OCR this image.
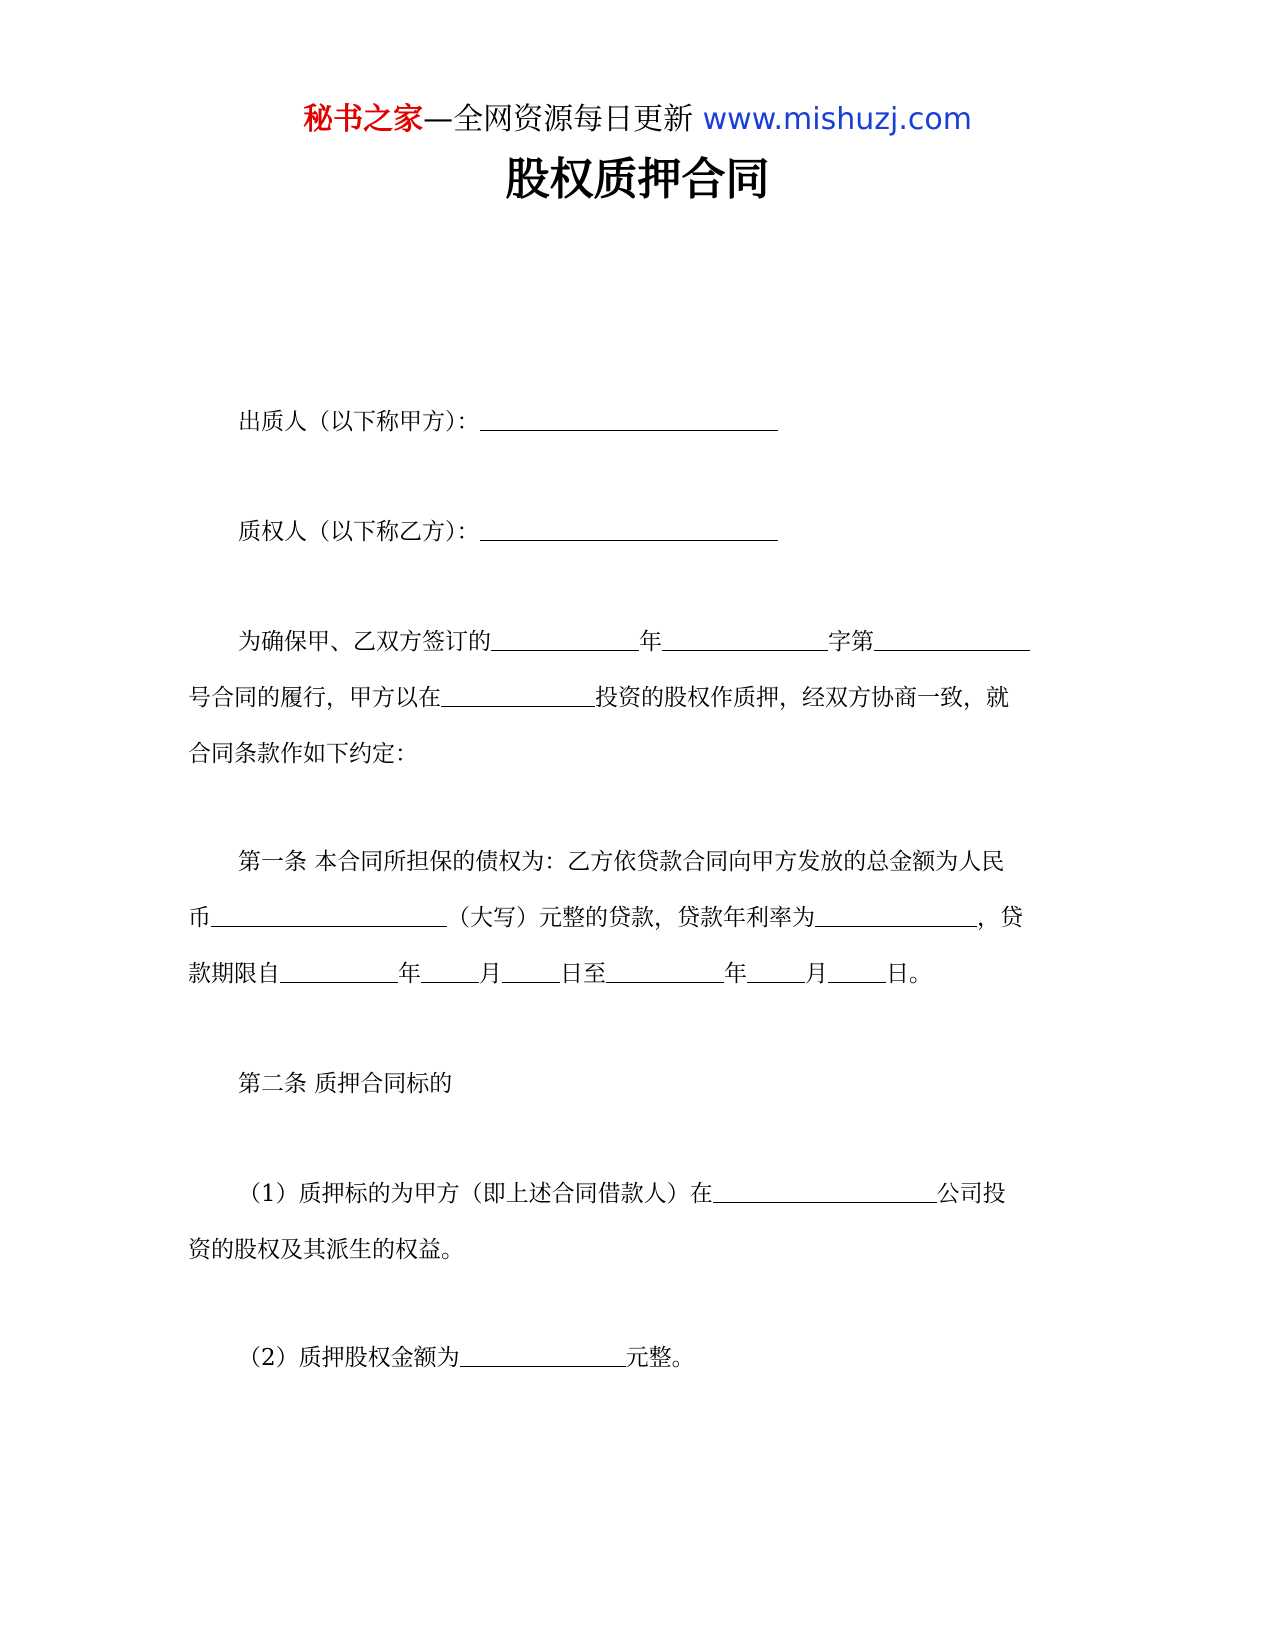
秘书之家—全网资源每日更新 www.mishuzj.com
股权质押合同
出质人（以下称甲方）：
质权人（以下称乙方）：
为确保甲、乙双方签订的	年	字第
号合同的履行，甲方以在	投资的股权作质押，经双方协商一致，就
合同条款作如下约定：
第一条 本合同所担保的债权为：乙方依贷款合同向甲方发放的总金额为人民
币	（大写）元整的贷款，贷款年利率为	，贷
款期限自	年	月	日至	年	月	日。
第二条 质押合同标的
（1）质押标的为甲方（即上述合同借款人）在	公司投
资的股权及其派生的权益。
（2）质押股权金额为	元整。
